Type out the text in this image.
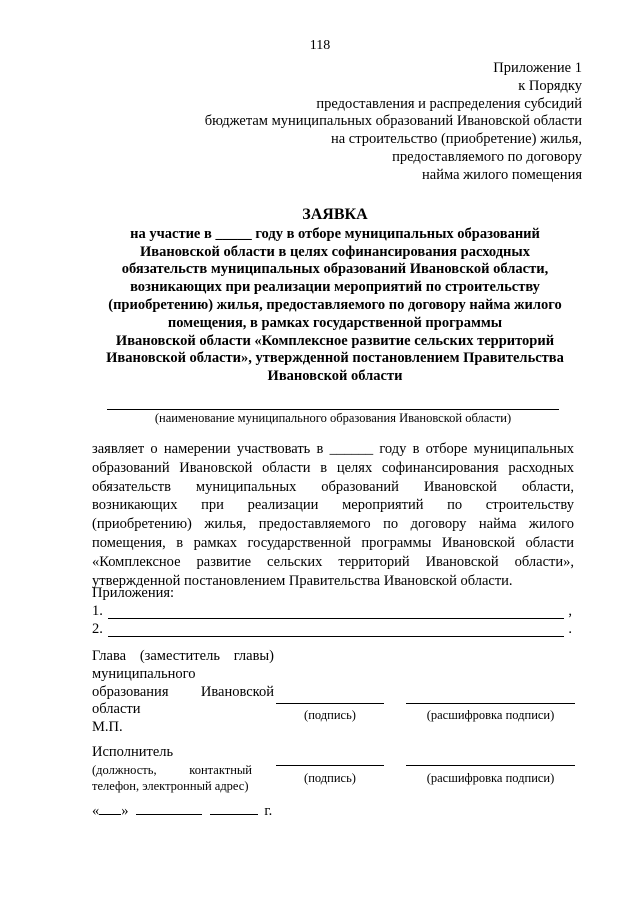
118
Приложение 1
к Порядку
предоставления и распределения субсидий
бюджетам муниципальных образований Ивановской области
на строительство (приобретение) жилья,
предоставляемого по договору
найма жилого помещения
ЗАЯВКА
на участие в _____ году в отборе муниципальных образований
Ивановской области в целях софинансирования расходных
обязательств муниципальных образований Ивановской области,
возникающих при реализации мероприятий по строительству
(приобретению) жилья, предоставляемого по договору найма жилого
помещения, в рамках государственной программы
Ивановской области «Комплексное развитие сельских территорий
Ивановской области», утвержденной постановлением Правительства
Ивановской области
(наименование муниципального образования Ивановской области)
заявляет о намерении участвовать в ______ году в отборе муниципальных
образований Ивановской области в целях софинансирования расходных
обязательств муниципальных образований Ивановской области,
возникающих при реализации мероприятий по строительству
(приобретению) жилья, предоставляемого по договору найма жилого
помещения, в рамках государственной программы Ивановской области
«Комплексное развитие сельских территорий Ивановской области»,
утвержденной постановлением Правительства Ивановской области.
Приложения:
1.	,
2.	.
Глава (заместитель главы)
муниципального
образования Ивановской
области
М.П.
(подпись)	(расшифровка подписи)
Исполнитель
(должность,	контактный
телефон, электронный адрес)
(подпись)	(расшифровка подписи)
« »	г.
